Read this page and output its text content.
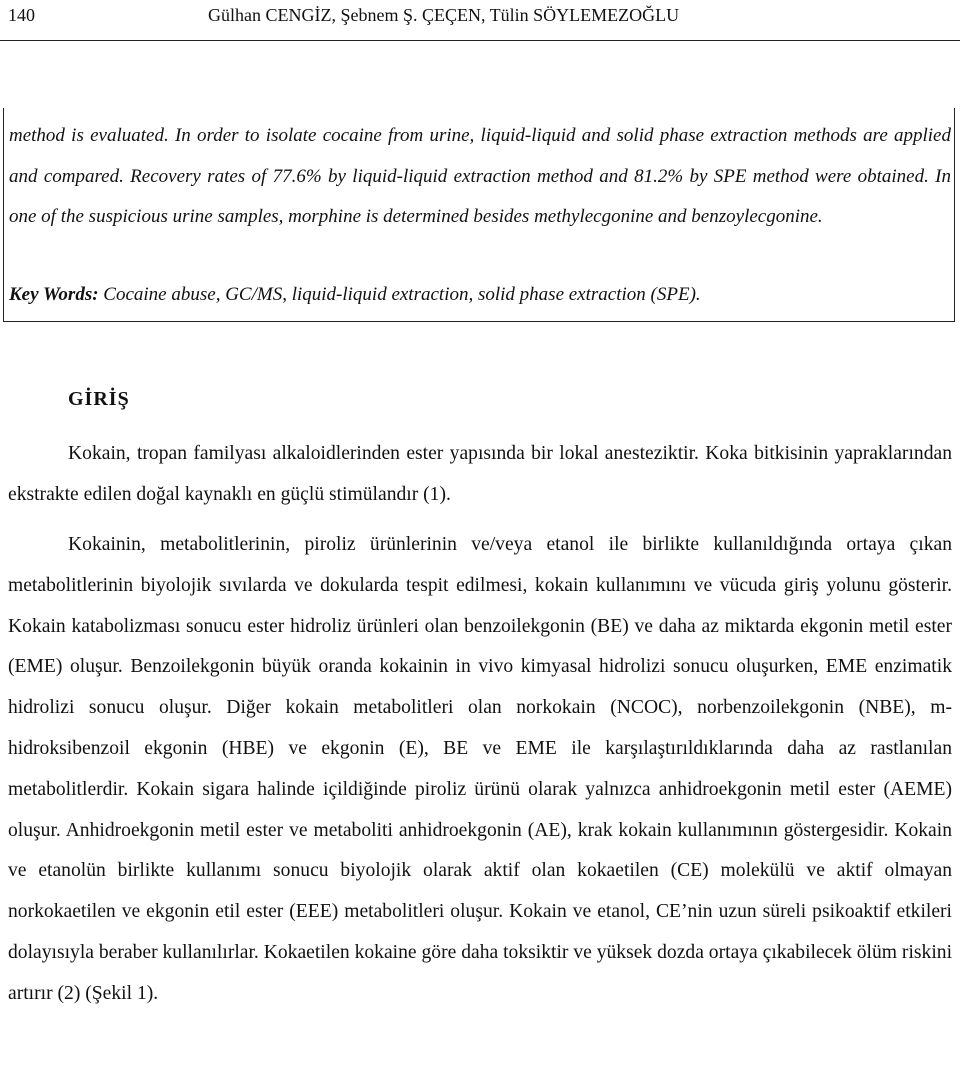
140	Gülhan CENGİZ, Şebnem Ş. ÇEÇEN, Tülin SÖYLEMEZOĞLU

method is evaluated. In order to isolate cocaine from urine, liquid-liquid and solid phase extraction methods are applied and compared. Recovery rates of 77.6% by liquid-liquid extraction method and 81.2% by SPE method were obtained. In one of the suspicious urine samples, morphine is determined besides methylecgonine and benzoylecgonine.

Key Words: Cocaine abuse, GC/MS, liquid-liquid extraction, solid phase extraction (SPE).

GİRİŞ

Kokain, tropan familyası alkaloidlerinden ester yapısında bir lokal anesteziktir. Koka bitkisinin yapraklarından ekstrakte edilen doğal kaynaklı en güçlü stimülandır (1).

Kokainin, metabolitlerinin, piroliz ürünlerinin ve/veya etanol ile birlikte kullanıldığında ortaya çıkan metabolitlerinin biyolojik sıvılarda ve dokularda tespit edilmesi, kokain kullanımını ve vücuda giriş yolunu gösterir. Kokain katabolizması sonucu ester hidroliz ürünleri olan benzoilekgonin (BE) ve daha az miktarda ekgonin metil ester (EME) oluşur. Benzoilekgonin büyük oranda kokainin in vivo kimyasal hidrolizi sonucu oluşurken, EME enzimatik hidrolizi sonucu oluşur. Diğer kokain metabolitleri olan norkokain (NCOC), norbenzoilekgonin (NBE), m-hidroksibenzoil ekgonin (HBE) ve ekgonin (E), BE ve EME ile karşılaştırıldıklarında daha az rastlanılan metabolitlerdir. Kokain sigara halinde içildiğinde piroliz ürünü olarak yalnızca anhidroekgonin metil ester (AEME) oluşur. Anhidroekgonin metil ester ve metaboliti anhidroekgonin (AE), krak kokain kullanımının göstergesidir. Kokain ve etanolün birlikte kullanımı sonucu biyolojik olarak aktif olan kokaetilen (CE) molekülü ve aktif olmayan norkokaetilen ve ekgonin etil ester (EEE) metabolitleri oluşur. Kokain ve etanol, CE’nin uzun süreli psikoaktif etkileri dolayısıyla beraber kullanılırlar. Kokaetilen kokaine göre daha toksiktir ve yüksek dozda ortaya çıkabilecek ölüm riskini artırır (2) (Şekil 1).
